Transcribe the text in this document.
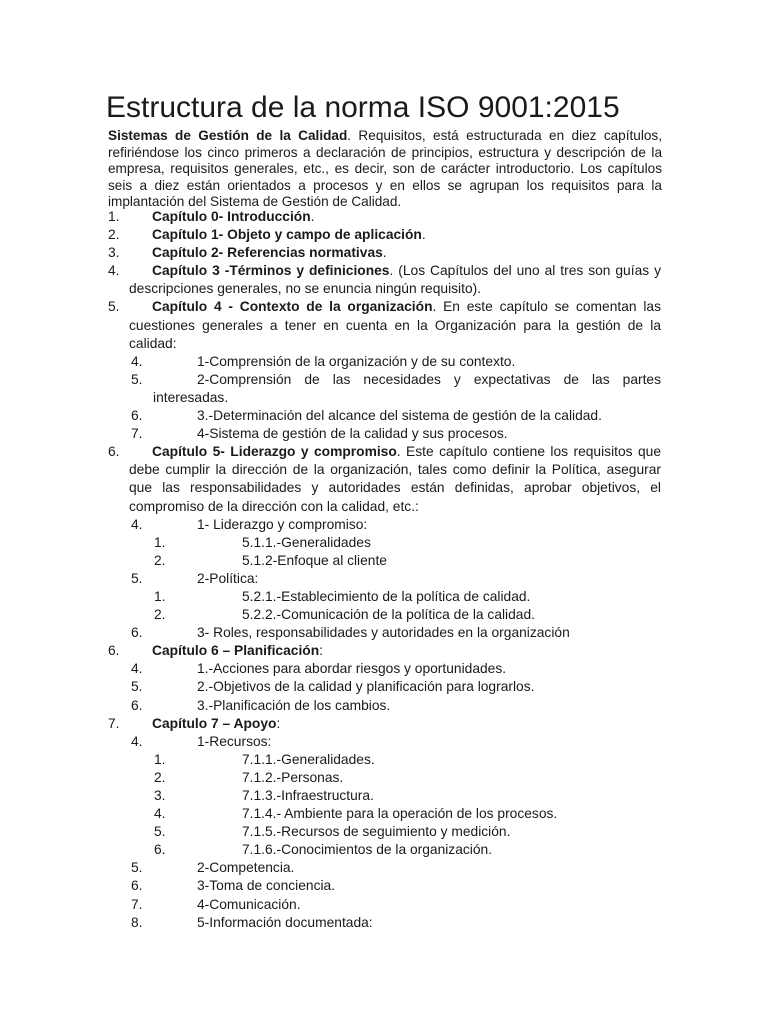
Estructura de la norma ISO 9001:2015

Sistemas de Gestión de la Calidad. Requisitos, está estructurada en diez capítulos, refiriéndose los cinco primeros a declaración de principios, estructura y descripción de la empresa, requisitos generales, etc., es decir, son de carácter introductorio. Los capítulos seis a diez están orientados a procesos y en ellos se agrupan los requisitos para la implantación del Sistema de Gestión de Calidad.

1.	Capítulo 0- Introducción.
2.	Capítulo 1- Objeto y campo de aplicación.
3.	Capítulo 2- Referencias normativas.
4.	Capítulo 3 -Términos y definiciones. (Los Capítulos del uno al tres son guías y descripciones generales, no se enuncia ningún requisito).
5.	Capítulo 4 - Contexto de la organización. En este capítulo se comentan las cuestiones generales a tener en cuenta en la Organización para la gestión de la calidad:
4.	1-Comprensión de la organización y de su contexto.
5.	2-Comprensión de las necesidades y expectativas de las partes interesadas.
6.	3.-Determinación del alcance del sistema de gestión de la calidad.
7.	4-Sistema de gestión de la calidad y sus procesos.
6.	Capítulo 5- Liderazgo y compromiso. Este capítulo contiene los requisitos que debe cumplir la dirección de la organización, tales como definir la Política, asegurar que las responsabilidades y autoridades están definidas, aprobar objetivos, el compromiso de la dirección con la calidad, etc.:
4.	1- Liderazgo y compromiso:
1.	5.1.1.-Generalidades
2.	5.1.2-Enfoque al cliente
5.	2-Política:
1.	5.2.1.-Establecimiento de la política de calidad.
2.	5.2.2.-Comunicación de la política de la calidad.
6.	3- Roles, responsabilidades y autoridades en la organización
6.	Capítulo 6 – Planificación:
4.	1.-Acciones para abordar riesgos y oportunidades.
5.	2.-Objetivos de la calidad y planificación para lograrlos.
6.	3.-Planificación de los cambios.
7.	Capítulo 7 – Apoyo:
4.	1-Recursos:
1.	7.1.1.-Generalidades.
2.	7.1.2.-Personas.
3.	7.1.3.-Infraestructura.
4.	7.1.4.- Ambiente para la operación de los procesos.
5.	7.1.5.-Recursos de seguimiento y medición.
6.	7.1.6.-Conocimientos de la organización.
5.	2-Competencia.
6.	3-Toma de conciencia.
7.	4-Comunicación.
8.	5-Información documentada:
